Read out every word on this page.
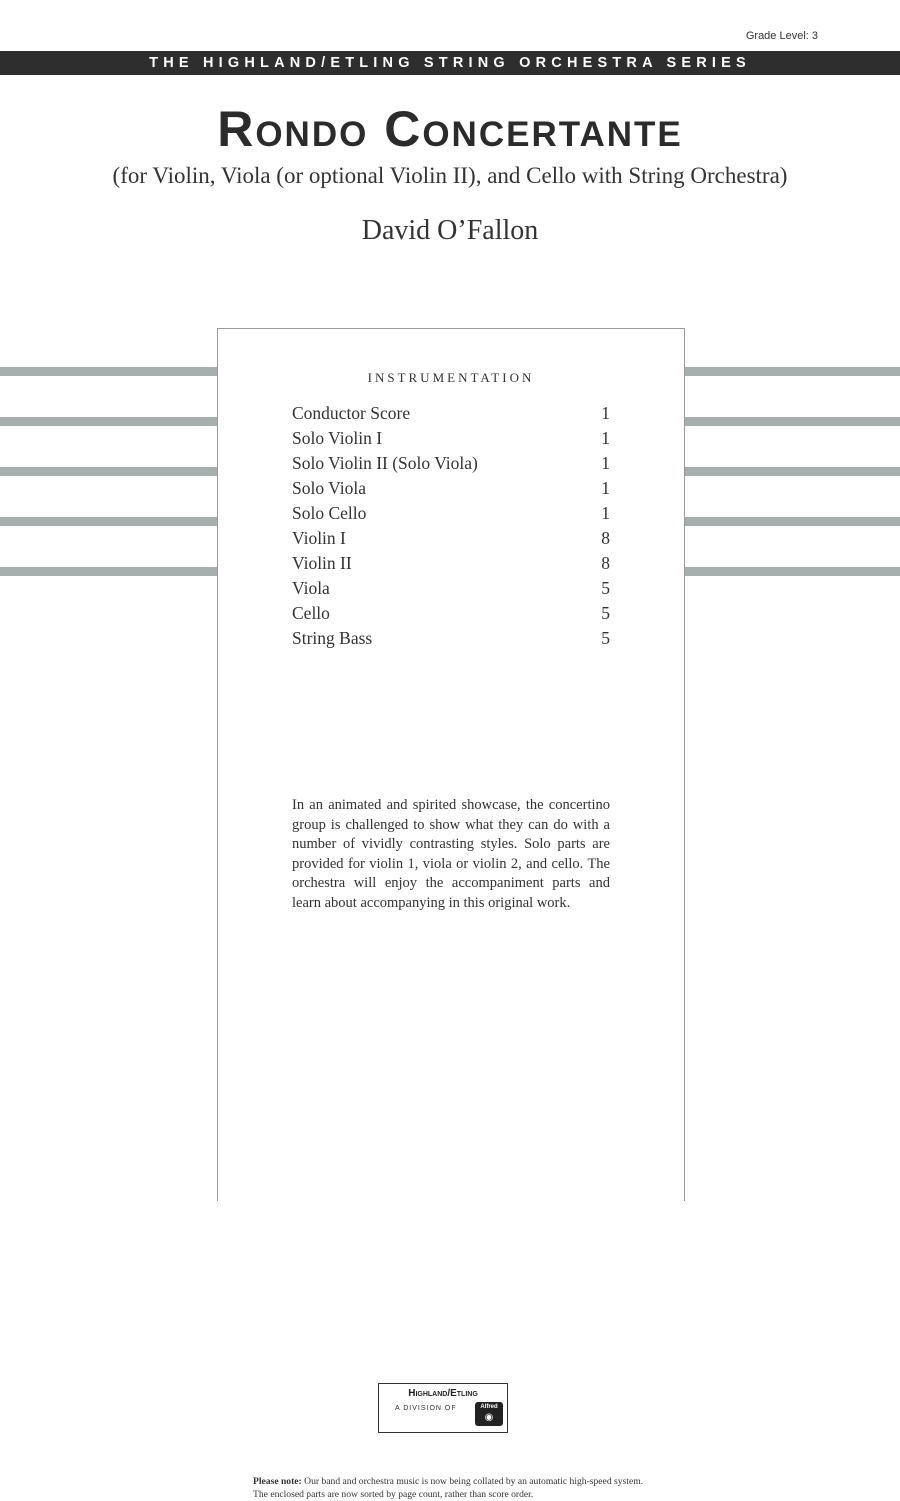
Grade Level: 3
THE HIGHLAND/ETLING STRING ORCHESTRA SERIES
Rondo Concertante
(for Violin, Viola (or optional Violin II), and Cello with String Orchestra)
David O’Fallon
INSTRUMENTATION
Conductor Score	1
Solo Violin I	1
Solo Violin II (Solo Viola)	1
Solo Viola	1
Solo Cello	1
Violin I	8
Violin II	8
Viola	5
Cello	5
String Bass	5

In an animated and spirited showcase, the concertino group is challenged to show what they can do with a number of vividly contrasting styles. Solo parts are provided for violin 1, viola or violin 2, and cello. The orchestra will enjoy the accompaniment parts and learn about accompanying in this original work.

Highland/Etling
A DIVISION OF	Alfred
◉

Please note: Our band and orchestra music is now being collated by an automatic high-speed system. The enclosed parts are now sorted by page count, rather than score order.
